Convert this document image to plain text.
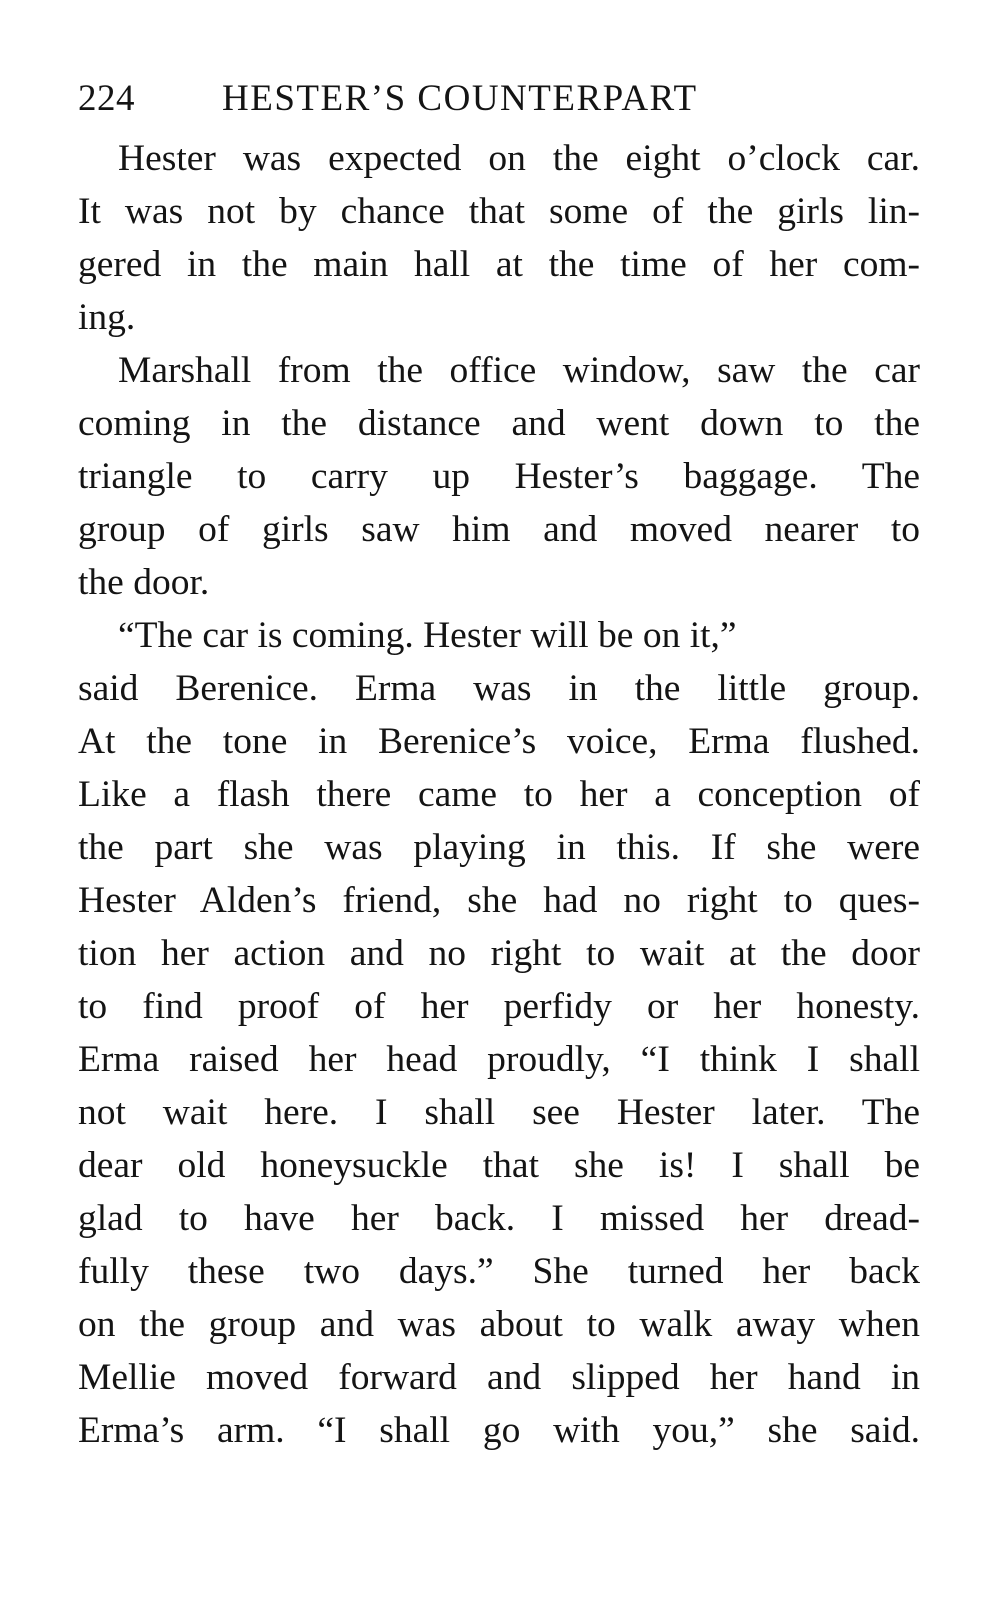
224	HESTER’S COUNTERPART
Hester was expected on the eight o’clock car.
It was not by chance that some of the girls lin-
gered in the main hall at the time of her com-
ing.
Marshall from the office window, saw the car
coming in the distance and went down to the
triangle to carry up Hester’s baggage. The
group of girls saw him and moved nearer to
the door.
“The car is coming. Hester will be on it,”
said Berenice. Erma was in the little group.
At the tone in Berenice’s voice, Erma flushed.
Like a flash there came to her a conception of
the part she was playing in this. If she were
Hester Alden’s friend, she had no right to ques-
tion her action and no right to wait at the door
to find proof of her perfidy or her honesty.
Erma raised her head proudly, “I think I shall
not wait here. I shall see Hester later. The
dear old honeysuckle that she is! I shall be
glad to have her back. I missed her dread-
fully these two days.” She turned her back
on the group and was about to walk away when
Mellie moved forward and slipped her hand in
Erma’s arm. “I shall go with you,” she said.
